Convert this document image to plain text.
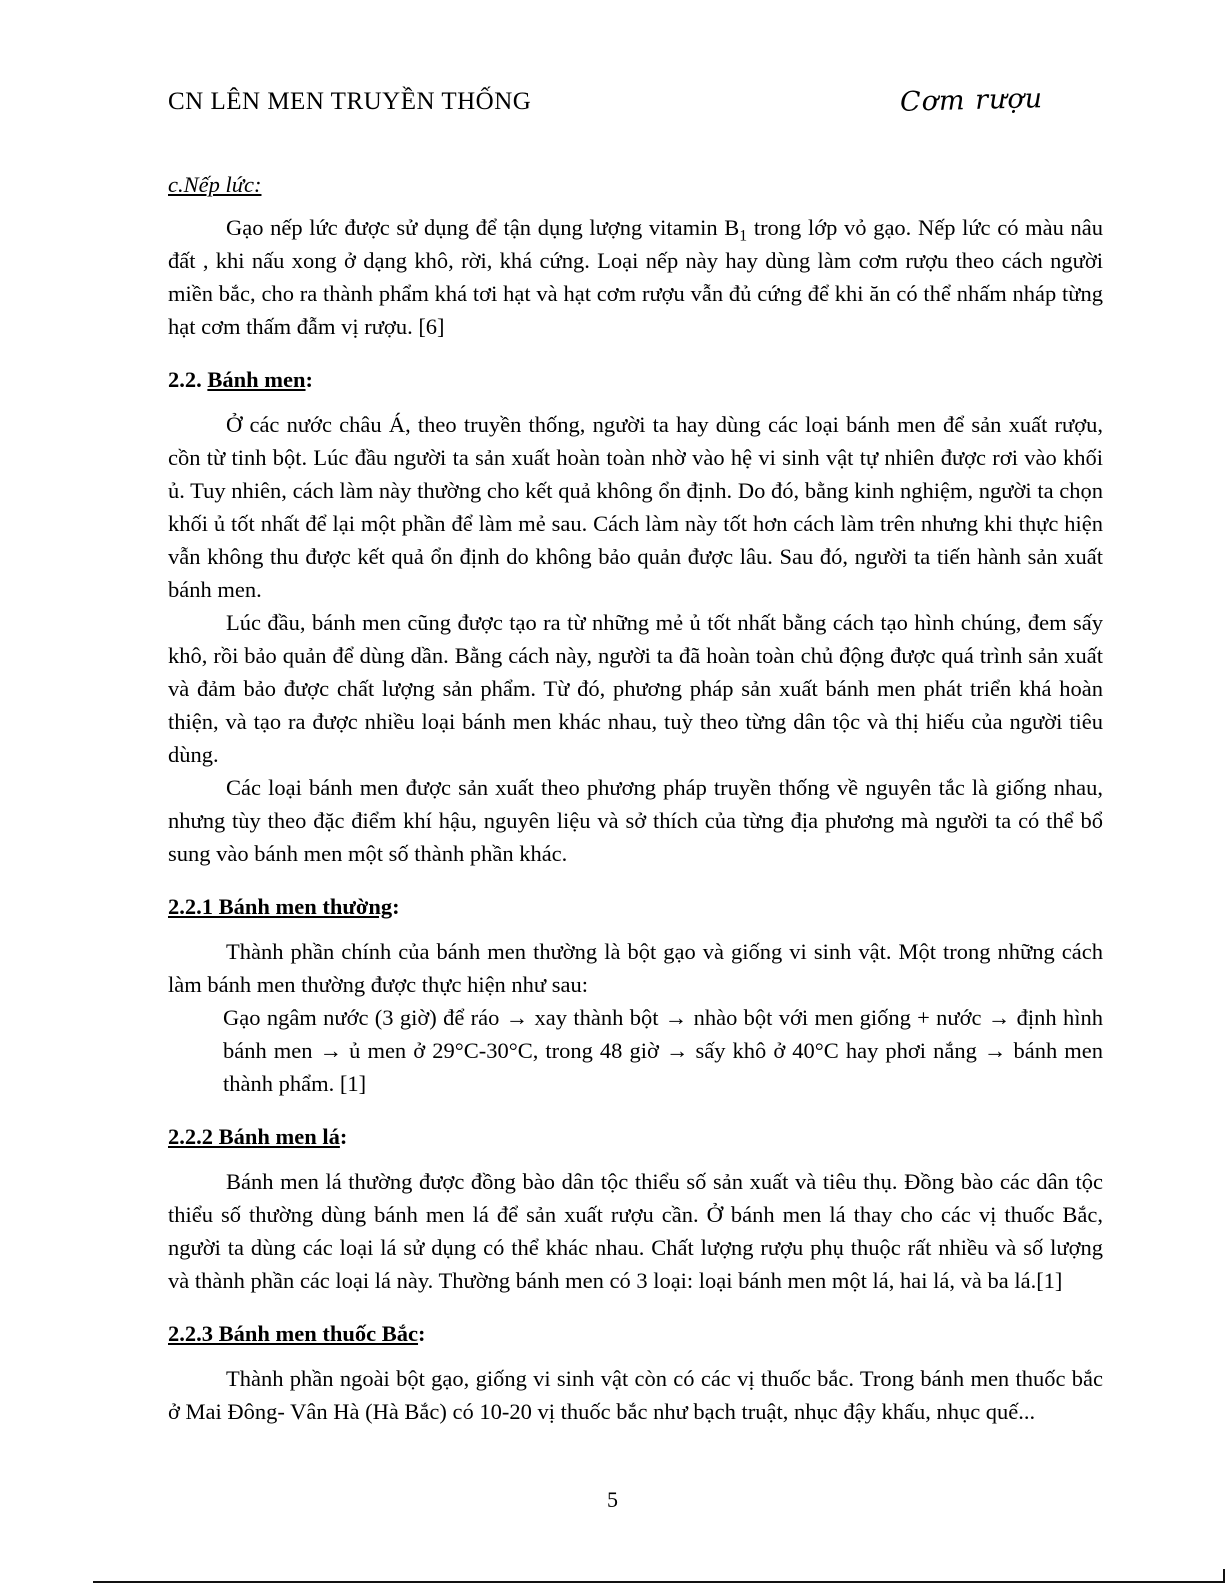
CN LÊN MEN TRUYỀN THỐNG	Cơm rượu
c.Nếp lức:

Gạo nếp lức được sử dụng để tận dụng lượng vitamin $B_1$ trong lớp vỏ gạo. Nếp lức có màu nâu đất , khi nấu xong ở dạng khô, rời, khá cứng. Loại nếp này hay dùng làm cơm rượu theo cách người miền bắc, cho ra thành phẩm khá tơi hạt và hạt cơm rượu vẫn đủ cứng để khi ăn có thể nhấm nháp từng hạt cơm thấm đẫm vị rượu. [6]

2.2. Bánh men:

Ở các nước châu Á, theo truyền thống, người ta hay dùng các loại bánh men để sản xuất rượu, cồn từ tinh bột. Lúc đầu người ta sản xuất hoàn toàn nhờ vào hệ vi sinh vật tự nhiên được rơi vào khối ủ. Tuy nhiên, cách làm này thường cho kết quả không ổn định. Do đó, bằng kinh nghiệm, người ta chọn khối ủ tốt nhất để lại một phần để làm mẻ sau. Cách làm này tốt hơn cách làm trên nhưng khi thực hiện vẫn không thu được kết quả ổn định do không bảo quản được lâu. Sau đó, người ta tiến hành sản xuất bánh men.

Lúc đầu, bánh men cũng được tạo ra từ những mẻ ủ tốt nhất bằng cách tạo hình chúng, đem sấy khô, rồi bảo quản để dùng dần. Bằng cách này, người ta đã hoàn toàn chủ động được quá trình sản xuất và đảm bảo được chất lượng sản phẩm. Từ đó, phương pháp sản xuất bánh men phát triển khá hoàn thiện, và tạo ra được nhiều loại bánh men khác nhau, tuỳ theo từng dân tộc và thị hiếu của người tiêu dùng.

Các loại bánh men được sản xuất theo phương pháp truyền thống về nguyên tắc là giống nhau, nhưng tùy theo đặc điểm khí hậu, nguyên liệu và sở thích của từng địa phương mà người ta có thể bổ sung vào bánh men một số thành phần khác.

2.2.1 Bánh men thường:

Thành phần chính của bánh men thường là bột gạo và giống vi sinh vật. Một trong những cách làm bánh men thường được thực hiện như sau:

Gạo ngâm nước (3 giờ) để ráo → xay thành bột → nhào bột với men giống + nước → định hình bánh men → ủ men ở 29°C-30°C, trong 48 giờ → sấy khô ở 40°C hay phơi nắng → bánh men thành phẩm. [1]

2.2.2 Bánh men lá:

Bánh men lá thường được đồng bào dân tộc thiểu số sản xuất và tiêu thụ. Đồng bào các dân tộc thiểu số thường dùng bánh men lá để sản xuất rượu cần. Ở bánh men lá thay cho các vị thuốc Bắc, người ta dùng các loại lá sử dụng có thể khác nhau. Chất lượng rượu phụ thuộc rất nhiều và số lượng và thành phần các loại lá này. Thường bánh men có 3 loại: loại bánh men một lá, hai lá, và ba lá.[1]

2.2.3 Bánh men thuốc Bắc:

Thành phần ngoài bột gạo, giống vi sinh vật còn có các vị thuốc bắc. Trong bánh men thuốc bắc ở Mai Đông- Vân Hà (Hà Bắc) có 10-20 vị thuốc bắc như bạch truật, nhục đậy khấu, nhục quế...

5
